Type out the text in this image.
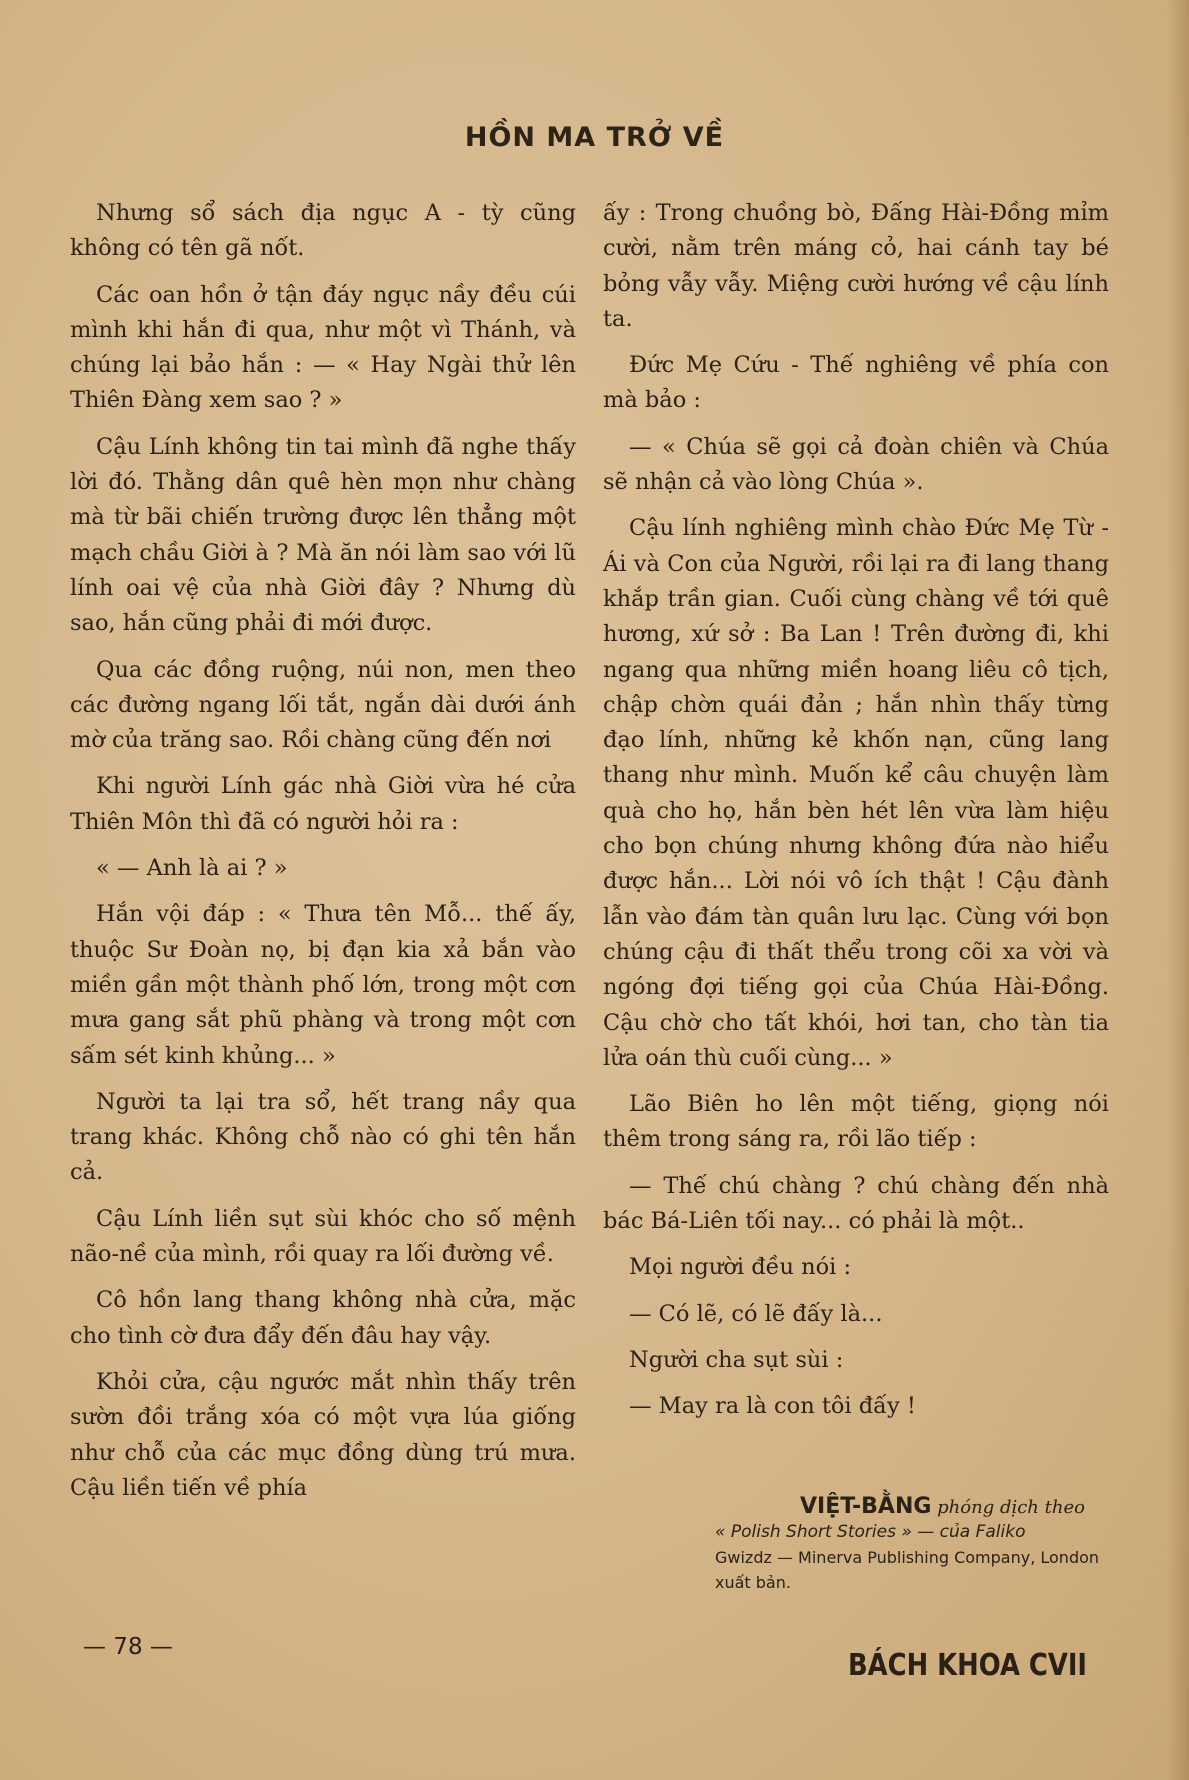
HỒN MA TRỞ VỀ

Nhưng sổ sách địa ngục A - tỳ cũng không có tên gã nốt.

Các oan hồn ở tận đáy ngục nầy đều cúi mình khi hắn đi qua, như một vì Thánh, và chúng lại bảo hắn : — « Hay Ngài thử lên Thiên Đàng xem sao ? »

Cậu Lính không tin tai mình đã nghe thấy lời đó. Thằng dân quê hèn mọn như chàng mà từ bãi chiến trường được lên thẳng một mạch chầu Giời à ? Mà ăn nói làm sao với lũ lính oai vệ của nhà Giời đây ? Nhưng dù sao, hắn cũng phải đi mới được.

Qua các đồng ruộng, núi non, men theo các đường ngang lối tắt, ngắn dài dưới ánh mờ của trăng sao. Rồi chàng cũng đến nơi

Khi người Lính gác nhà Giời vừa hé cửa Thiên Môn thì đã có người hỏi ra :

« — Anh là ai ? »

Hắn vội đáp : « Thưa tên Mỗ... thế ấy, thuộc Sư Đoàn nọ, bị đạn kia xả bắn vào miền gần một thành phố lớn, trong một cơn mưa gang sắt phũ phàng và trong một cơn sấm sét kinh khủng... »

Người ta lại tra sổ, hết trang nầy qua trang khác. Không chỗ nào có ghi tên hắn cả.

Cậu Lính liền sụt sùi khóc cho số mệnh não-nề của mình, rồi quay ra lối đường về.

Cô hồn lang thang không nhà cửa, mặc cho tình cờ đưa đẩy đến đâu hay vậy.

Khỏi cửa, cậu ngước mắt nhìn thấy trên sườn đồi trắng xóa có một vựa lúa giống như chỗ của các mục đồng dùng trú mưa. Cậu liền tiến về phía

ấy : Trong chuồng bò, Đấng Hài-Đồng mỉm cười, nằm trên máng cỏ, hai cánh tay bé bỏng vẫy vẫy. Miệng cười hướng về cậu lính ta.

Đức Mẹ Cứu - Thế nghiêng về phía con mà bảo :

— « Chúa sẽ gọi cả đoàn chiên và Chúa sẽ nhận cả vào lòng Chúa ».

Cậu lính nghiêng mình chào Đức Mẹ Từ - Ái và Con của Người, rồi lại ra đi lang thang khắp trần gian. Cuối cùng chàng về tới quê hương, xứ sở : Ba Lan ! Trên đường đi, khi ngang qua những miền hoang liêu cô tịch, chập chờn quái đản ; hắn nhìn thấy từng đạo lính, những kẻ khốn nạn, cũng lang thang như mình. Muốn kể câu chuyện làm quà cho họ, hắn bèn hét lên vừa làm hiệu cho bọn chúng nhưng không đứa nào hiểu được hắn... Lời nói vô ích thật ! Cậu đành lẫn vào đám tàn quân lưu lạc. Cùng với bọn chúng cậu đi thất thểu trong cõi xa vời và ngóng đợi tiếng gọi của Chúa Hài-Đồng. Cậu chờ cho tất khói, hơi tan, cho tàn tia lửa oán thù cuối cùng... »

Lão Biên ho lên một tiếng, giọng nói thêm trong sáng ra, rồi lão tiếp :

— Thế chú chàng ? chú chàng đến nhà bác Bá-Liên tối nay... có phải là một..

Mọi người đều nói :

— Có lẽ, có lẽ đấy là...

Người cha sụt sùi :

— May ra là con tôi đấy !

VIỆT-BẰNG phóng dịch theo
« Polish Short Stories » — của Faliko
Gwizdz — Minerva Publishing Company, London xuất bản.
— 78 —
BÁCH KHOA CVII
